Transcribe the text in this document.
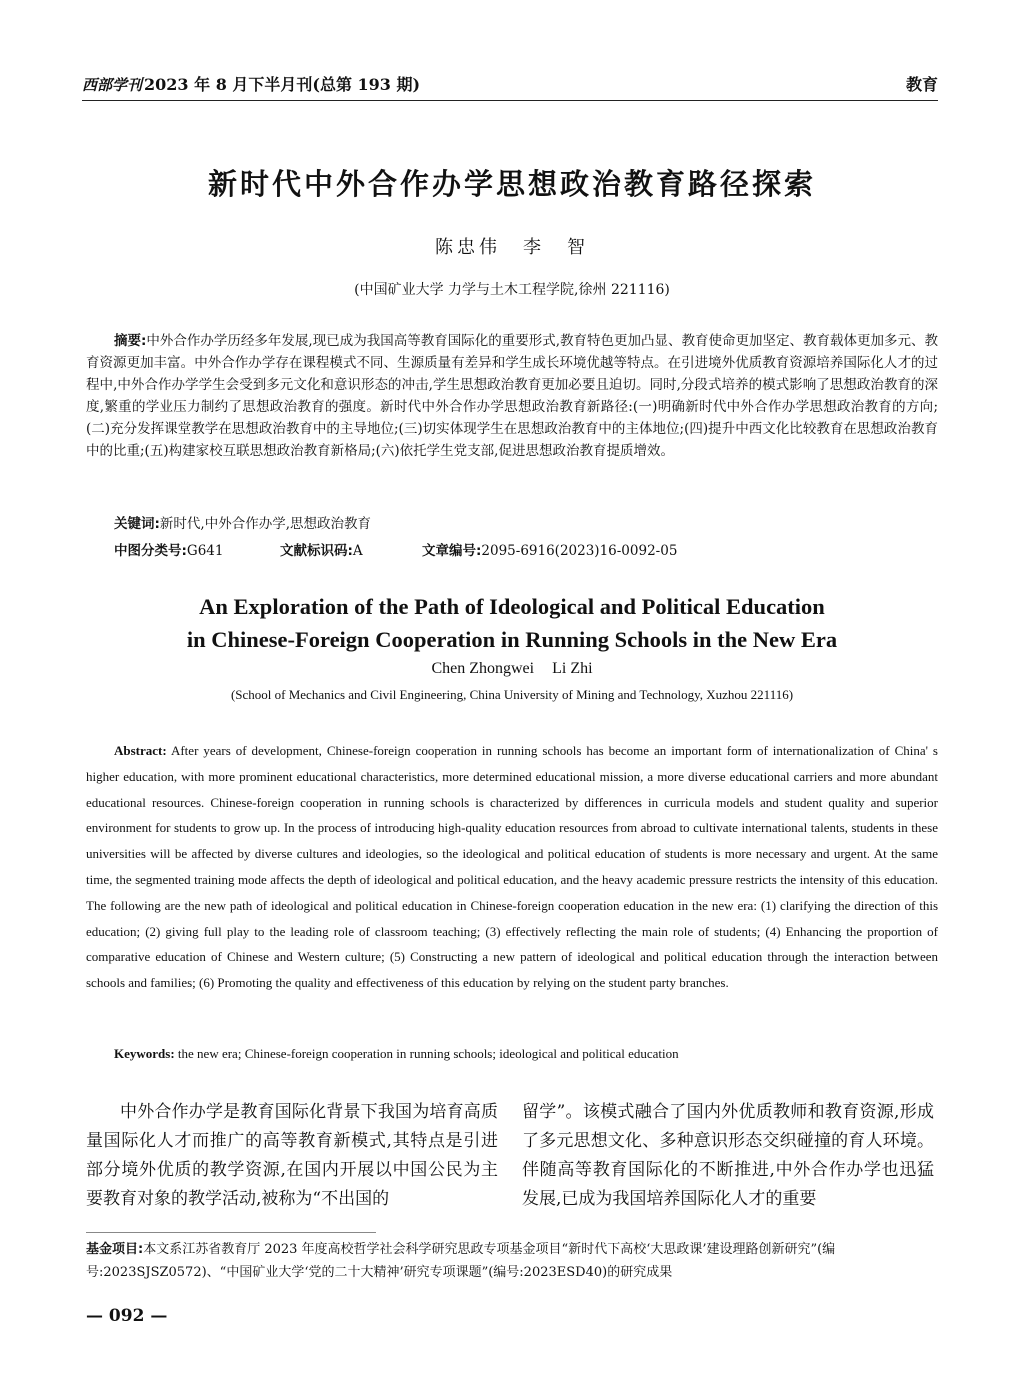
西部学刊 2023 年 8 月下半月刊(总第 193 期)	教育
新时代中外合作办学思想政治教育路径探索
陈忠伟　李　智
(中国矿业大学 力学与土木工程学院,徐州 221116)
摘要:中外合作办学历经多年发展,现已成为我国高等教育国际化的重要形式,教育特色更加凸显、教育使命更加坚定、教育载体更加多元、教育资源更加丰富。中外合作办学存在课程模式不同、生源质量有差异和学生成长环境优越等特点。在引进境外优质教育资源培养国际化人才的过程中,中外合作办学学生会受到多元文化和意识形态的冲击,学生思想政治教育更加必要且迫切。同时,分段式培养的模式影响了思想政治教育的深度,繁重的学业压力制约了思想政治教育的强度。新时代中外合作办学思想政治教育新路径:(一)明确新时代中外合作办学思想政治教育的方向;(二)充分发挥课堂教学在思想政治教育中的主导地位;(三)切实体现学生在思想政治教育中的主体地位;(四)提升中西文化比较教育在思想政治教育中的比重;(五)构建家校互联思想政治教育新格局;(六)依托学生党支部,促进思想政治教育提质增效。
关键词:新时代,中外合作办学,思想政治教育
中图分类号:G641	文献标识码:A	文章编号:2095-6916(2023)16-0092-05
An Exploration of the Path of Ideological and Political Education
in Chinese-Foreign Cooperation in Running Schools in the New Era
Chen Zhongwei Li Zhi
(School of Mechanics and Civil Engineering, China University of Mining and Technology, Xuzhou 221116)
Abstract: After years of development, Chinese-foreign cooperation in running schools has become an important form of internationalization of China' s higher education, with more prominent educational characteristics, more determined educational mission, a more diverse educational carriers and more abundant educational resources. Chinese-foreign cooperation in running schools is characterized by differences in curricula models and student quality and superior environment for students to grow up. In the process of introducing high-quality education resources from abroad to cultivate international talents, students in these universities will be affected by diverse cultures and ideologies, so the ideological and political education of students is more necessary and urgent. At the same time, the segmented training mode affects the depth of ideological and political education, and the heavy academic pressure restricts the intensity of this education. The following are the new path of ideological and political education in Chinese-foreign cooperation education in the new era: (1) clarifying the direction of this education; (2) giving full play to the leading role of classroom teaching; (3) effectively reflecting the main role of students; (4) Enhancing the proportion of comparative education of Chinese and Western culture; (5) Constructing a new pattern of ideological and political education through the interaction between schools and families; (6) Promoting the quality and effectiveness of this education by relying on the student party branches.
Keywords: the new era; Chinese-foreign cooperation in running schools; ideological and political education

中外合作办学是教育国际化背景下我国为培育高质量国际化人才而推广的高等教育新模式,其特点是引进部分境外优质的教学资源,在国内开展以中国公民为主要教育对象的教学活动,被称为“不出国的

留学”。该模式融合了国内外优质教师和教育资源,形成了多元思想文化、多种意识形态交织碰撞的育人环境。伴随高等教育国际化的不断推进,中外合作办学也迅猛发展,已成为我国培养国际化人才的重要

基金项目:本文系江苏省教育厅 2023 年度高校哲学社会科学研究思政专项基金项目“新时代下高校‘大思政课’建设理路创新研究”(编号:2023SJSZ0572)、“中国矿业大学‘党的二十大精神’研究专项课题”(编号:2023ESD40)的研究成果
— 092 —
